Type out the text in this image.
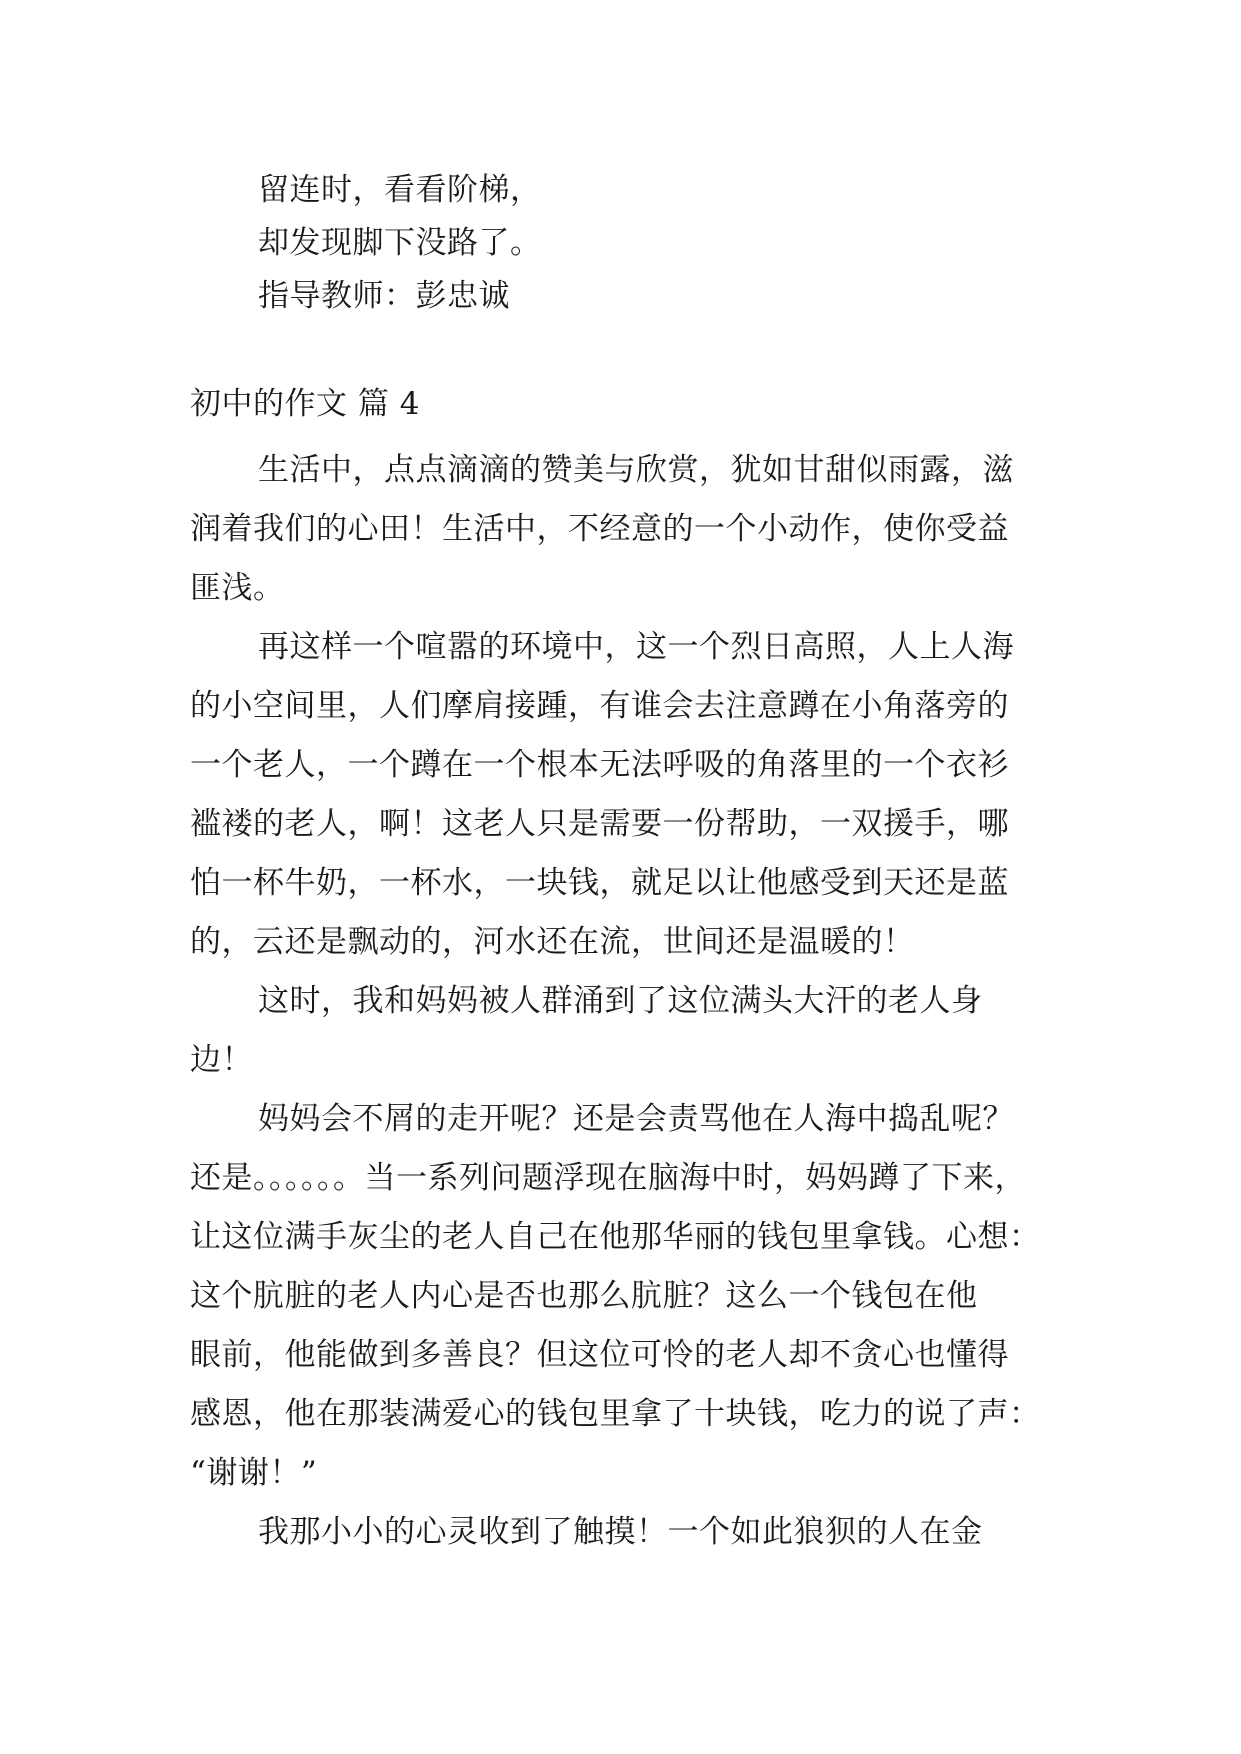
留连时，看看阶梯，
却发现脚下没路了。
指导教师：彭忠诚
初中的作文 篇 4
生活中，点点滴滴的赞美与欣赏，犹如甘甜似雨露，滋
润着我们的心田！生活中，不经意的一个小动作，使你受益
匪浅。
再这样一个喧嚣的环境中，这一个烈日高照，人上人海
的小空间里，人们摩肩接踵，有谁会去注意蹲在小角落旁的
一个老人，一个蹲在一个根本无法呼吸的角落里的一个衣衫
褴褛的老人，啊！这老人只是需要一份帮助，一双援手，哪
怕一杯牛奶，一杯水，一块钱，就足以让他感受到天还是蓝
的，云还是飘动的，河水还在流，世间还是温暖的！
这时，我和妈妈被人群涌到了这位满头大汗的老人身
边！
妈妈会不屑的走开呢？还是会责骂他在人海中捣乱呢？
还是。。。。。。当一系列问题浮现在脑海中时，妈妈蹲了下来，
让这位满手灰尘的老人自己在他那华丽的钱包里拿钱。心想：
这个肮脏的老人内心是否也那么肮脏？这么一个钱包在他
眼前，他能做到多善良？但这位可怜的老人却不贪心也懂得
感恩，他在那装满爱心的钱包里拿了十块钱，吃力的说了声：
“谢谢！”
我那小小的心灵收到了触摸！一个如此狼狈的人在金
